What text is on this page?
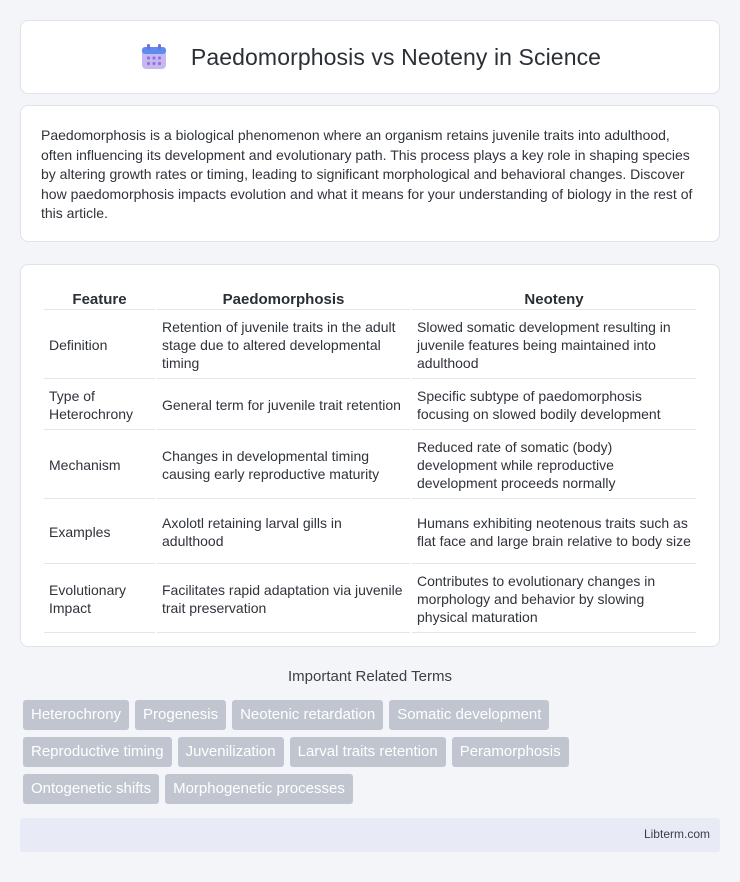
Paedomorphosis vs Neoteny in Science

Paedomorphosis is a biological phenomenon where an organism retains juvenile traits into adulthood, often influencing its development and evolutionary path. This process plays a key role in shaping species by altering growth rates or timing, leading to significant morphological and behavioral changes. Discover how paedomorphosis impacts evolution and what it means for your understanding of biology in the rest of this article.

Feature	Paedomorphosis	Neoteny
Definition	Retention of juvenile traits in the adult stage due to altered developmental timing	Slowed somatic development resulting in juvenile features being maintained into adulthood
Type of Heterochrony	General term for juvenile trait retention	Specific subtype of paedomorphosis focusing on slowed bodily development
Mechanism	Changes in developmental timing causing early reproductive maturity	Reduced rate of somatic (body) development while reproductive development proceeds normally
Examples	Axolotl retaining larval gills in adulthood	Humans exhibiting neotenous traits such as flat face and large brain relative to body size
Evolutionary Impact	Facilitates rapid adaptation via juvenile trait preservation	Contributes to evolutionary changes in morphology and behavior by slowing physical maturation
Important Related Terms
Heterochrony	Progenesis	Neotenic retardation	Somatic development
Reproductive timing	Juvenilization	Larval traits retention	Peramorphosis
Ontogenetic shifts	Morphogenetic processes
Libterm.com
